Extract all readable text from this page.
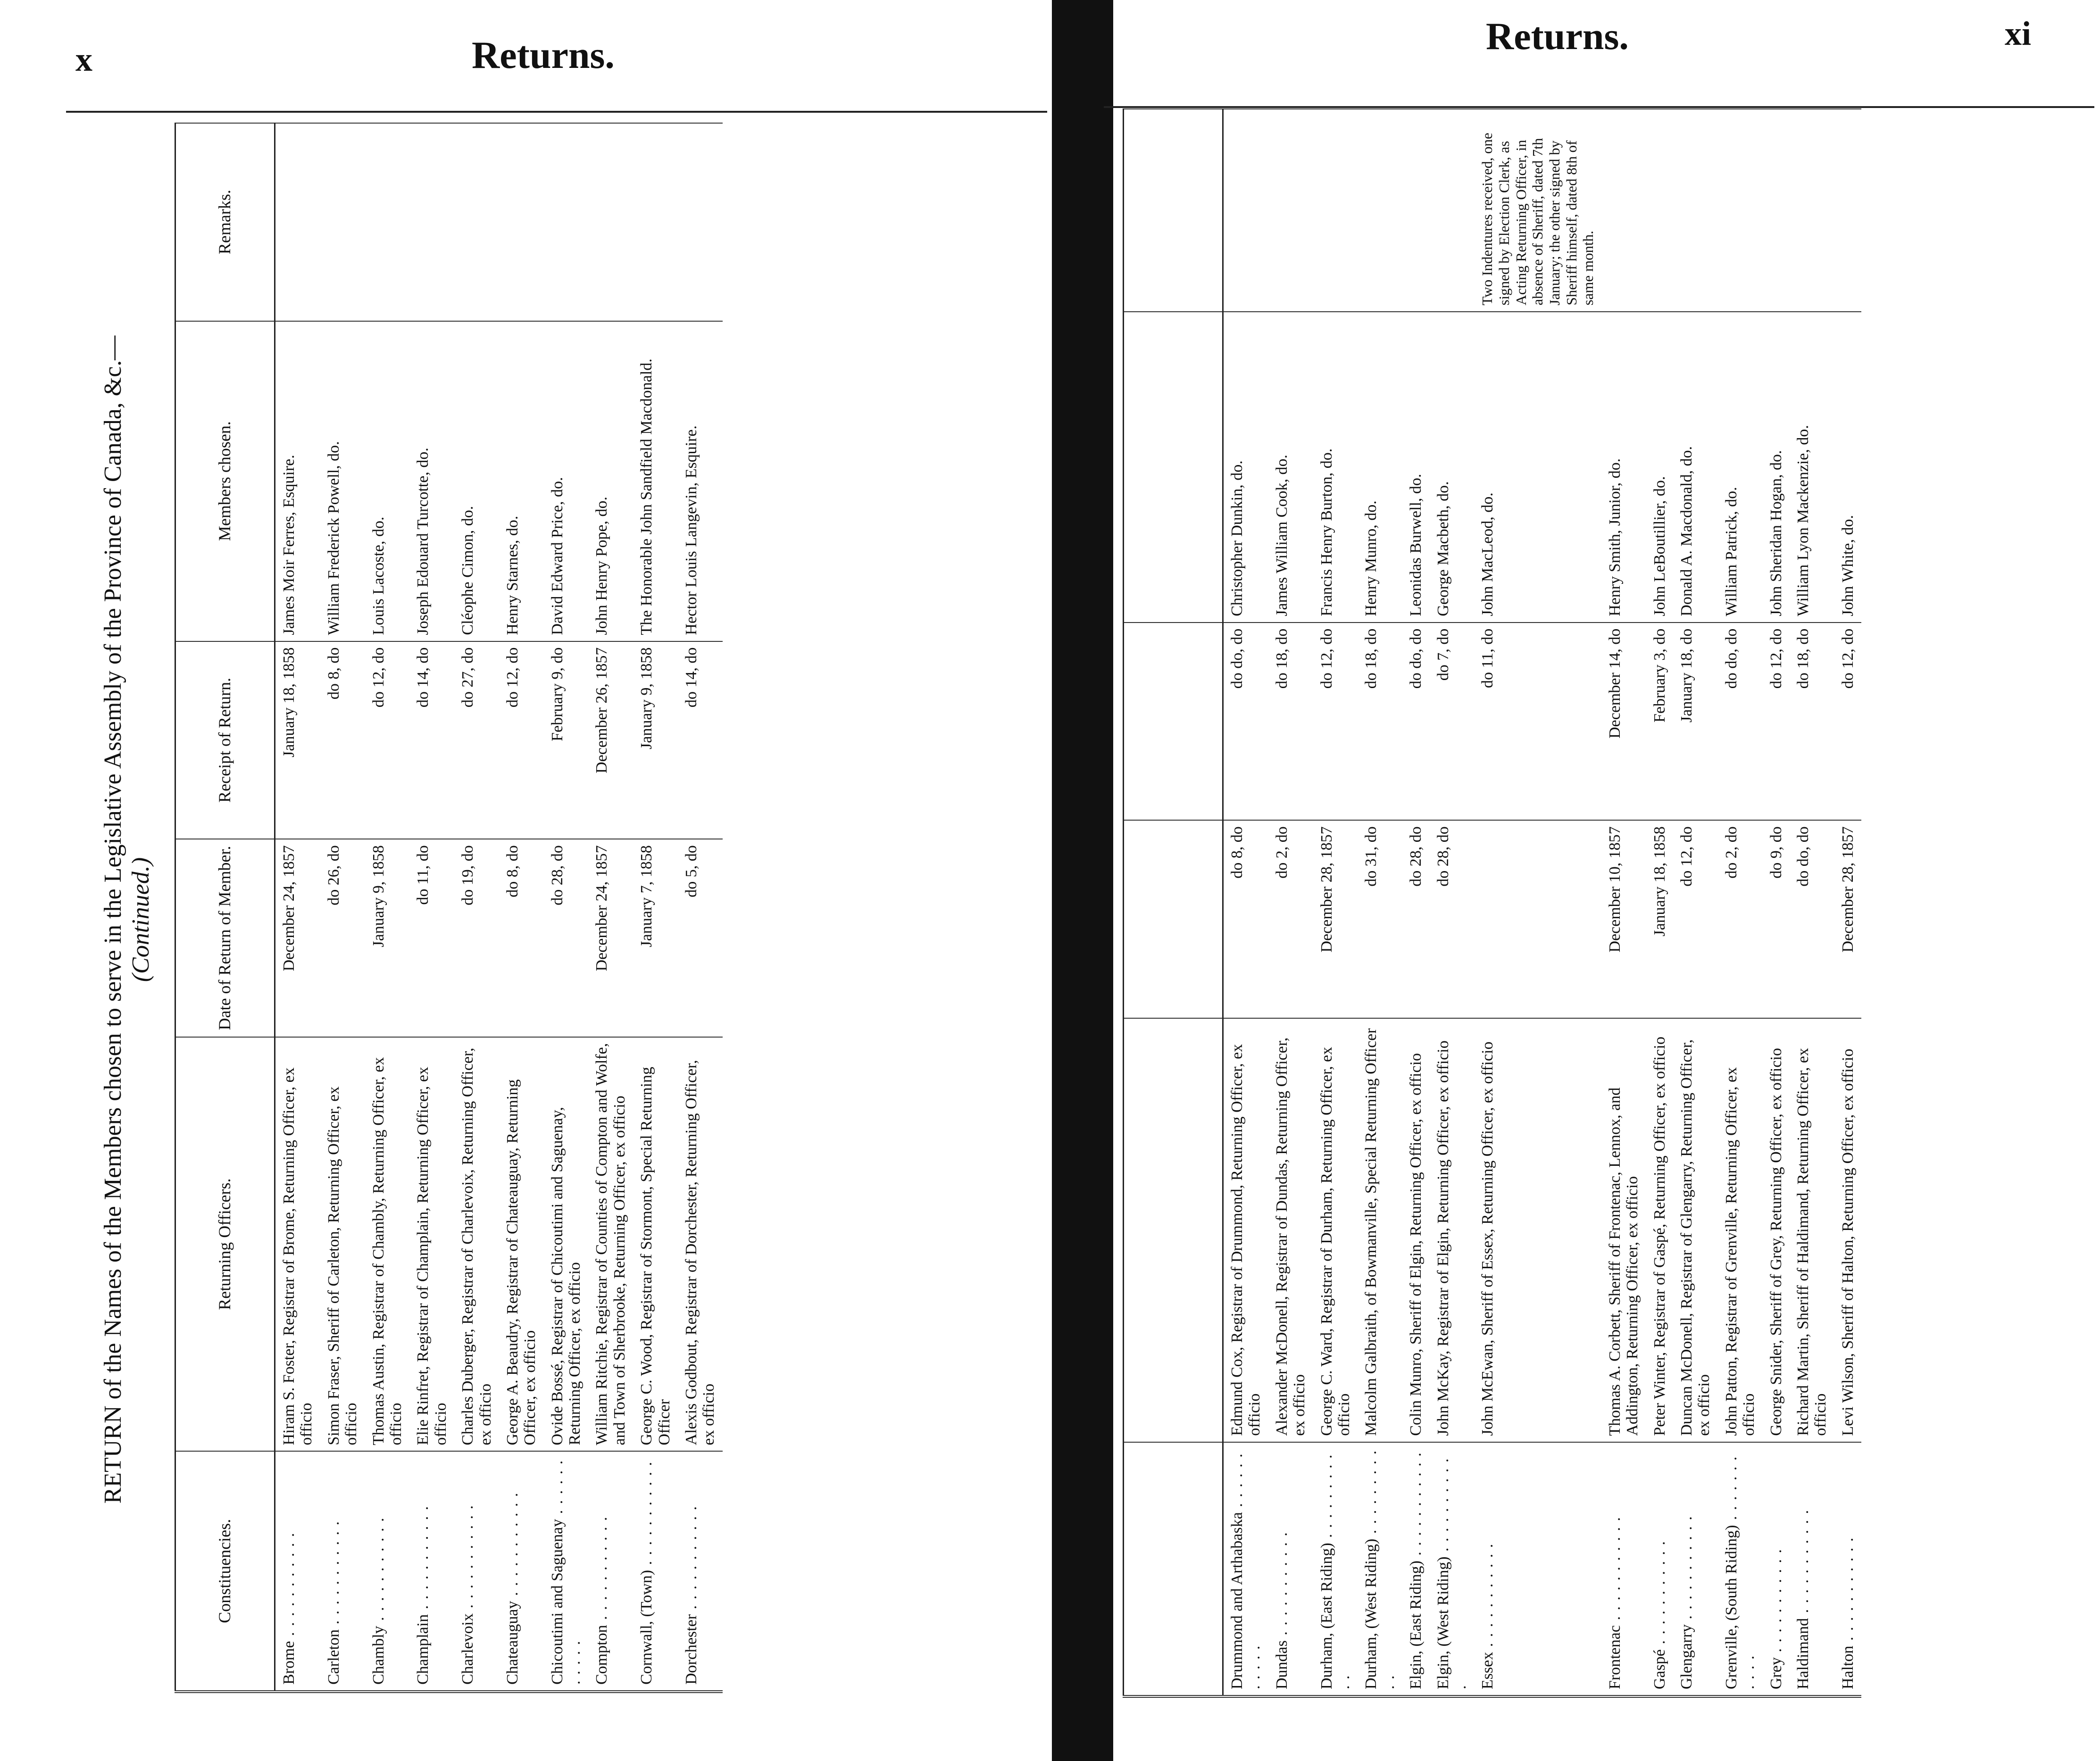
x	Returns.
RETURN of the Names of the Members chosen to serve in the Legislative Assembly of the Province of Canada, &c.— (Continued.)
Constituencies.	Returning Officers.	Date of Return of Member.	Receipt of Return.	Members chosen.	Remarks.
Brome . . .	Hiram S. Foster, Registrar of Brome, Returning Officer, ex officio	December 24, 1857	January 18, 1858	James Moir Ferres, Esquire.	
Carleton . . .	Simon Fraser, Sheriff of Carleton, Returning Officer, ex officio	do 26, do	do 8, do	William Frederick Powell, do.	
Chambly . . .	Thomas Austin, Registrar of Chambly, Returning Officer, ex officio	January 9, 1858	do 12, do	Louis Lacoste, do.	
Champlain . . .	Elie Rinfret, Registrar of Champlain, Returning Officer, ex officio	do 11, do	do 14, do	Joseph Edouard Turcotte, do.	
Charlevoix . . .	Charles Duberger, Registrar of Charlevoix, Returning Officer, ex officio	do 19, do	do 27, do	Cléophe Cimon, do.	
Chateauguay . . .	George A. Beaudry, Registrar of Chateauguay, Returning Officer, ex officio	do 8, do	do 12, do	Henry Starnes, do.	
Chicoutimi and Saguenay . . .	Ovide Bossé, Registrar of Chicoutimi and Saguenay, Returning Officer, ex officio	do 28, do	February 9, do	David Edward Price, do.	
Compton . . .	William Ritchie, Registrar of Counties of Compton and Wolfe, and Town of Sherbrooke, Returning Officer, ex officio	December 24, 1857	December 26, 1857	John Henry Pope, do.	
Cornwall, (Town) . . .	George C. Wood, Registrar of Stormont, Special Returning Officer	January 7, 1858	January 9, 1858	The Honorable John Sandfield Macdonald.	
Dorchester . . .	Alexis Godbout, Registrar of Dorchester, Returning Officer, ex officio	do 5, do	do 14, do	Hector Louis Langevin, Esquire.	
Returns.	xi

Drummond and Arthabaska . . .	Edmund Cox, Registrar of Drummond, Returning Officer, ex officio	do 8, do	do do, do	Christopher Dunkin, do.	
Dundas . . .	Alexander McDonell, Registrar of Dundas, Returning Officer, ex officio	do 2, do	do 18, do	James William Cook, do.	
Durham, (East Riding) . . .	George C. Ward, Registrar of Durham, Returning Officer, ex officio	December 28, 1857	do 12, do	Francis Henry Burton, do.	
Durham, (West Riding) . . .	Malcolm Galbraith, of Bowmanville, Special Returning Officer	do 31, do	do 18, do	Henry Munro, do.	
Elgin, (East Riding) . . .	Colin Munro, Sheriff of Elgin, Returning Officer, ex officio	do 28, do	do do, do	Leonidas Burwell, do.	
Elgin, (West Riding) . . .	John McKay, Registrar of Elgin, Returning Officer, ex officio	do 28, do	do 7, do	George Macbeth, do.	
Essex . . .	John McEwan, Sheriff of Essex, Returning Officer, ex officio		do 11, do	John MacLeod, do.	Two Indentures received, one signed by Election Clerk, as Acting Returning Officer, in absence of Sheriff, dated 7th January; the other signed by Sheriff himself, dated 8th of same month.
Frontenac . . .	Thomas A. Corbett, Sheriff of Frontenac, Lennox, and Addington, Returning Officer, ex officio	December 10, 1857	December 14, do	Henry Smith, Junior, do.	
Gaspé . . .	Peter Winter, Registrar of Gaspé, Returning Officer, ex officio	January 18, 1858	February 3, do	John LeBoutillier, do.	
Glengarry . . .	Duncan McDonell, Registrar of Glengarry, Returning Officer, ex officio	do 12, do	January 18, do	Donald A. Macdonald, do.	
Grenville, (South Riding) . . .	John Patton, Registrar of Grenville, Returning Officer, ex officio	do 2, do	do do, do	William Patrick, do.	
Grey . . .	George Snider, Sheriff of Grey, Returning Officer, ex officio	do 9, do	do 12, do	John Sheridan Hogan, do.	
Haldimand . . .	Richard Martin, Sheriff of Haldimand, Returning Officer, ex officio	do do, do	do 18, do	William Lyon Mackenzie, do.	
Halton . . .	Levi Wilson, Sheriff of Halton, Returning Officer, ex officio	December 28, 1857	do 12, do	John White, do.	
